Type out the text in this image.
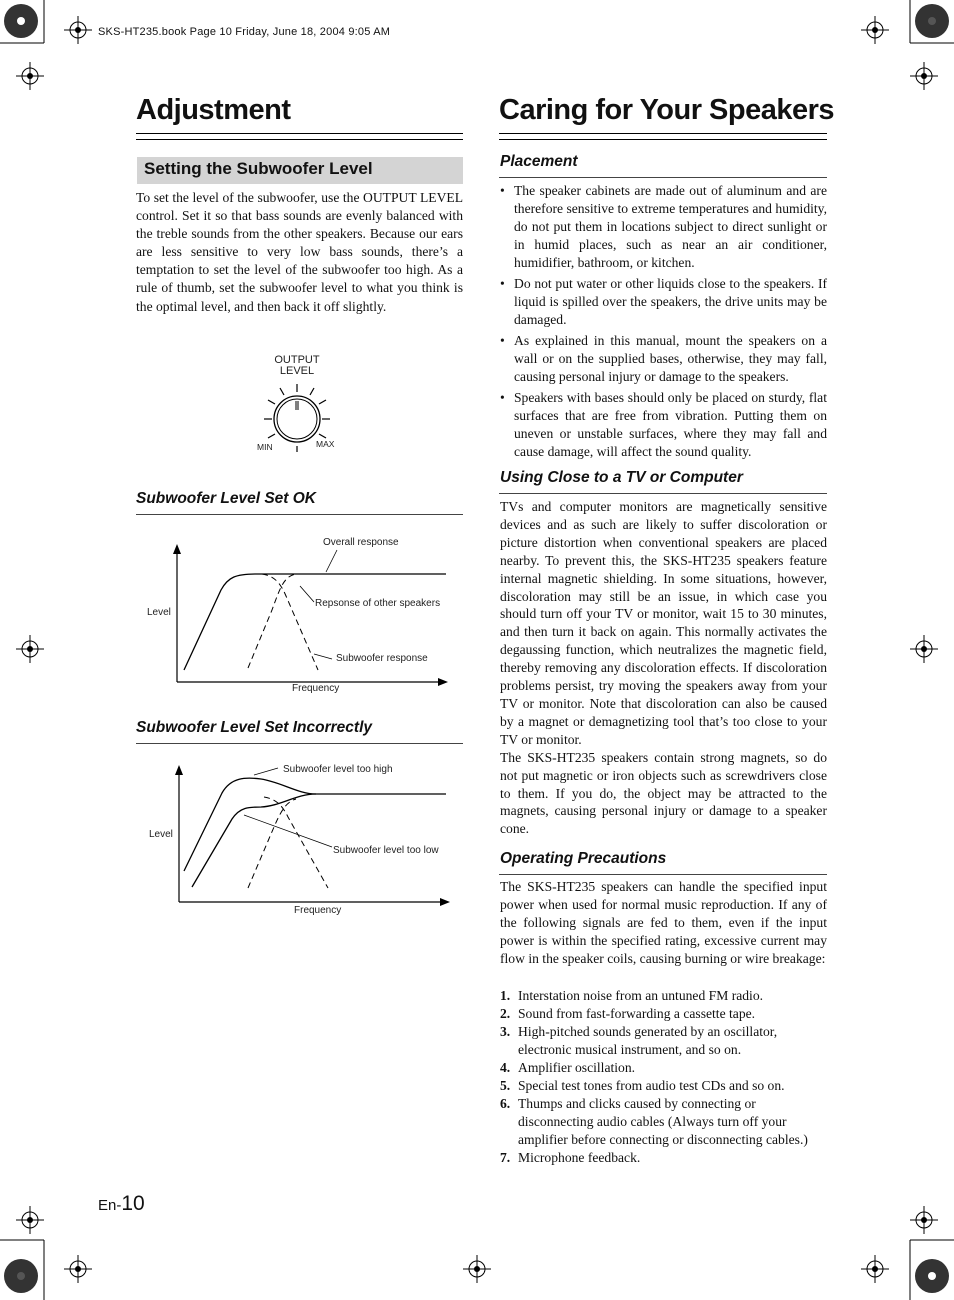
SKS-HT235.book Page 10 Friday, June 18, 2004 9:05 AM
Adjustment
Setting the Subwoofer Level

To set the level of the subwoofer, use the OUTPUT LEVEL control. Set it so that bass sounds are evenly balanced with the treble sounds from the other speakers. Because our ears are less sensitive to very low bass sounds, there’s a temptation to set the level of the subwoofer too high. As a rule of thumb, set the subwoofer level to what you think is the optimal level, and then back it off slightly.

OUTPUT
LEVEL
MIN	MAX
Subwoofer Level Set OK
Overall response
Repsonse of other speakers
Subwoofer response
Level
Frequency
Subwoofer Level Set Incorrectly
Subwoofer level too high
Subwoofer level too low
Level
Frequency
Caring for Your Speakers
Placement
• The speaker cabinets are made out of aluminum and are therefore sensitive to extreme temperatures and humidity, do not put them in locations subject to direct sunlight or in humid places, such as near an air conditioner, humidifier, bathroom, or kitchen.
• Do not put water or other liquids close to the speakers. If liquid is spilled over the speakers, the drive units may be damaged.
• As explained in this manual, mount the speakers on a wall or on the supplied bases, otherwise, they may fall, causing personal injury or damage to the speakers.
• Speakers with bases should only be placed on sturdy, flat surfaces that are free from vibration. Putting them on uneven or unstable surfaces, where they may fall and cause damage, will affect the sound quality.
Using Close to a TV or Computer

TVs and computer monitors are magnetically sensitive devices and as such are likely to suffer discoloration or picture distortion when conventional speakers are placed nearby. To prevent this, the SKS-HT235 speakers feature internal magnetic shielding. In some situations, however, discoloration may still be an issue, in which case you should turn off your TV or monitor, wait 15 to 30 minutes, and then turn it back on again. This normally activates the degaussing function, which neutralizes the magnetic field, thereby removing any discoloration effects. If discoloration problems persist, try moving the speakers away from your TV or monitor. Note that discoloration can also be caused by a magnet or demagnetizing tool that’s too close to your TV or monitor.

The SKS-HT235 speakers contain strong magnets, so do not put magnetic or iron objects such as screwdrivers close to them. If you do, the object may be attracted to the magnets, causing personal injury or damage to a speaker cone.

Operating Precautions

The SKS-HT235 speakers can handle the specified input power when used for normal music reproduction. If any of the following signals are fed to them, even if the input power is within the specified rating, excessive current may flow in the speaker coils, causing burning or wire breakage:

1. Interstation noise from an untuned FM radio.
2. Sound from fast-forwarding a cassette tape.
3. High-pitched sounds generated by an oscillator, electronic musical instrument, and so on.
4. Amplifier oscillation.
5. Special test tones from audio test CDs and so on.
6. Thumps and clicks caused by connecting or disconnecting audio cables (Always turn off your amplifier before connecting or disconnecting cables.)
7. Microphone feedback.
En-10
